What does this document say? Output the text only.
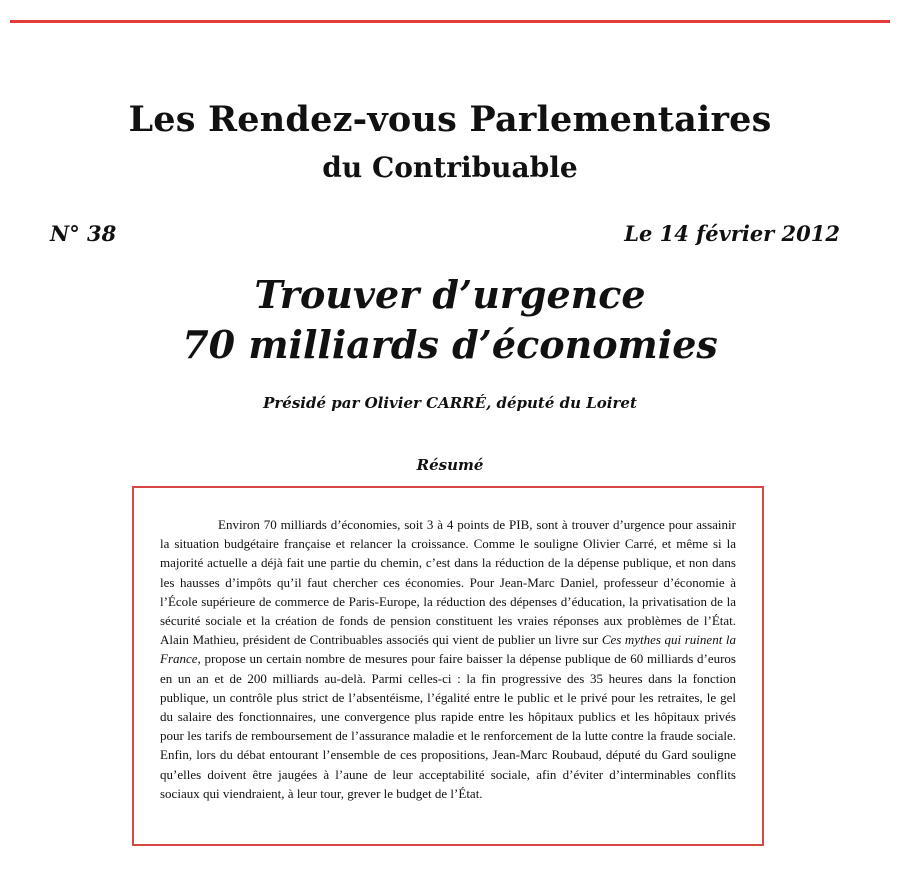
Les Rendez-vous Parlementaires
du Contribuable
N° 38	Le 14 février 2012
Trouver d’urgence
70 milliards d’économies
Présidé par Olivier CARRÉ, député du Loiret
Résumé

Environ 70 milliards d’économies, soit 3 à 4 points de PIB, sont à trouver d’urgence pour assainir la situation budgétaire française et relancer la croissance. Comme le souligne Olivier Carré, et même si la majorité actuelle a déjà fait une partie du chemin, c’est dans la réduction de la dépense publique, et non dans les hausses d’impôts qu’il faut chercher ces économies. Pour Jean-Marc Daniel, professeur d’économie à l’École supérieure de commerce de Paris-Europe, la réduction des dépenses d’éducation, la privatisation de la sécurité sociale et la création de fonds de pension constituent les vraies réponses aux problèmes de l’État. Alain Mathieu, président de Contribuables associés qui vient de publier un livre sur Ces mythes qui ruinent la France, propose un certain nombre de mesures pour faire baisser la dépense publique de 60 milliards d’euros en un an et de 200 milliards au-delà. Parmi celles-ci : la fin progressive des 35 heures dans la fonction publique, un contrôle plus strict de l’absentéisme, l’égalité entre le public et le privé pour les retraites, le gel du salaire des fonctionnaires, une convergence plus rapide entre les hôpitaux publics et les hôpitaux privés pour les tarifs de remboursement de l’assurance maladie et le renforcement de la lutte contre la fraude sociale. Enfin, lors du débat entourant l’ensemble de ces propositions, Jean-Marc Roubaud, député du Gard souligne qu’elles doivent être jaugées à l’aune de leur acceptabilité sociale, afin d’éviter d’interminables conflits sociaux qui viendraient, à leur tour, grever le budget de l’État.
